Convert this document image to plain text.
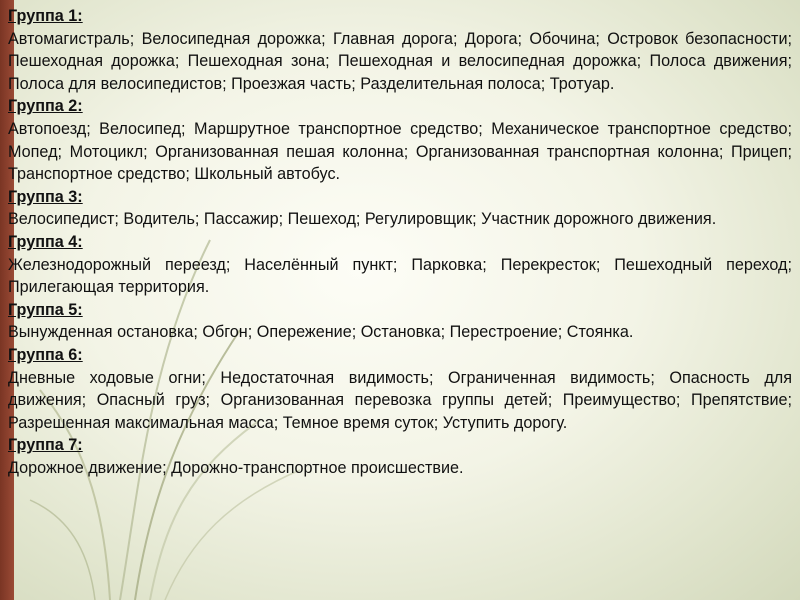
Группа 1:

Автомагистраль; Велосипедная дорожка; Главная дорога; Дорога; Обочина; Островок безопасности; Пешеходная дорожка; Пешеходная зона; Пешеходная и велосипедная дорожка; Полоса движения; Полоса для велосипедистов; Проезжая часть; Разделительная полоса; Тротуар.

Группа 2:

Автопоезд; Велосипед; Маршрутное транспортное средство; Механическое транспортное средство; Мопед; Мотоцикл; Организованная пешая колонна; Организованная транспортная колонна; Прицеп; Транспортное средство; Школьный автобус.

Группа 3:

Велосипедист; Водитель; Пассажир; Пешеход; Регулировщик; Участник дорожного движения.

Группа 4:

Железнодорожный переезд; Населённый пункт; Парковка; Перекресток; Пешеходный переход; Прилегающая территория.

Группа 5:

Вынужденная остановка; Обгон; Опережение; Остановка; Перестроение; Стоянка.

Группа 6:

Дневные ходовые огни; Недостаточная видимость; Ограниченная видимость; Опасность для движения; Опасный груз; Организованная перевозка группы детей; Преимущество; Препятствие; Разрешенная максимальная масса; Темное время суток; Уступить дорогу.

Группа 7:

Дорожное движение; Дорожно-транспортное происшествие.
